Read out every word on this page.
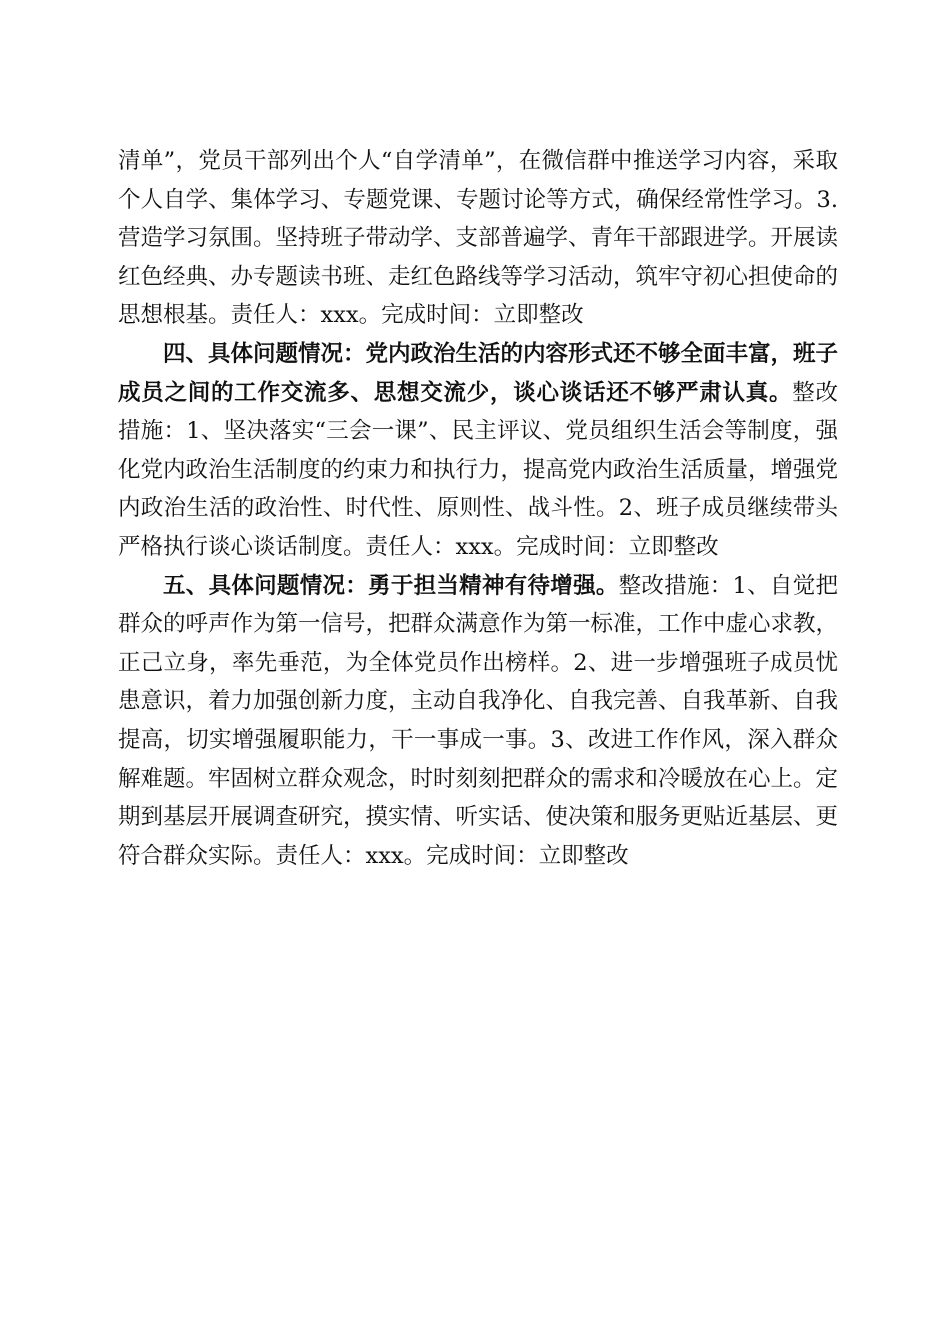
清单”，党员干部列出个人“自学清单”，在微信群中推送学习内容，采取个人自学、集体学习、专题党课、专题讨论等方式，确保经常性学习。3.营造学习氛围。坚持班子带动学、支部普遍学、青年干部跟进学。开展读红色经典、办专题读书班、走红色路线等学习活动，筑牢守初心担使命的思想根基。责任人：xxx。完成时间：立即整改

四、具体问题情况：党内政治生活的内容形式还不够全面丰富，班子成员之间的工作交流多、思想交流少，谈心谈话还不够严肃认真。整改措施：1、坚决落实“三会一课”、民主评议、党员组织生活会等制度，强化党内政治生活制度的约束力和执行力，提高党内政治生活质量，增强党内政治生活的政治性、时代性、原则性、战斗性。2、班子成员继续带头严格执行谈心谈话制度。责任人：xxx。完成时间：立即整改

五、具体问题情况：勇于担当精神有待增强。整改措施：1、自觉把群众的呼声作为第一信号，把群众满意作为第一标准，工作中虚心求教，正己立身，率先垂范，为全体党员作出榜样。2、进一步增强班子成员忧患意识，着力加强创新力度，主动自我净化、自我完善、自我革新、自我提高，切实增强履职能力，干一事成一事。3、改进工作作风，深入群众解难题。牢固树立群众观念，时时刻刻把群众的需求和冷暖放在心上。定期到基层开展调查研究，摸实情、听实话、使决策和服务更贴近基层、更符合群众实际。责任人：xxx。完成时间：立即整改
